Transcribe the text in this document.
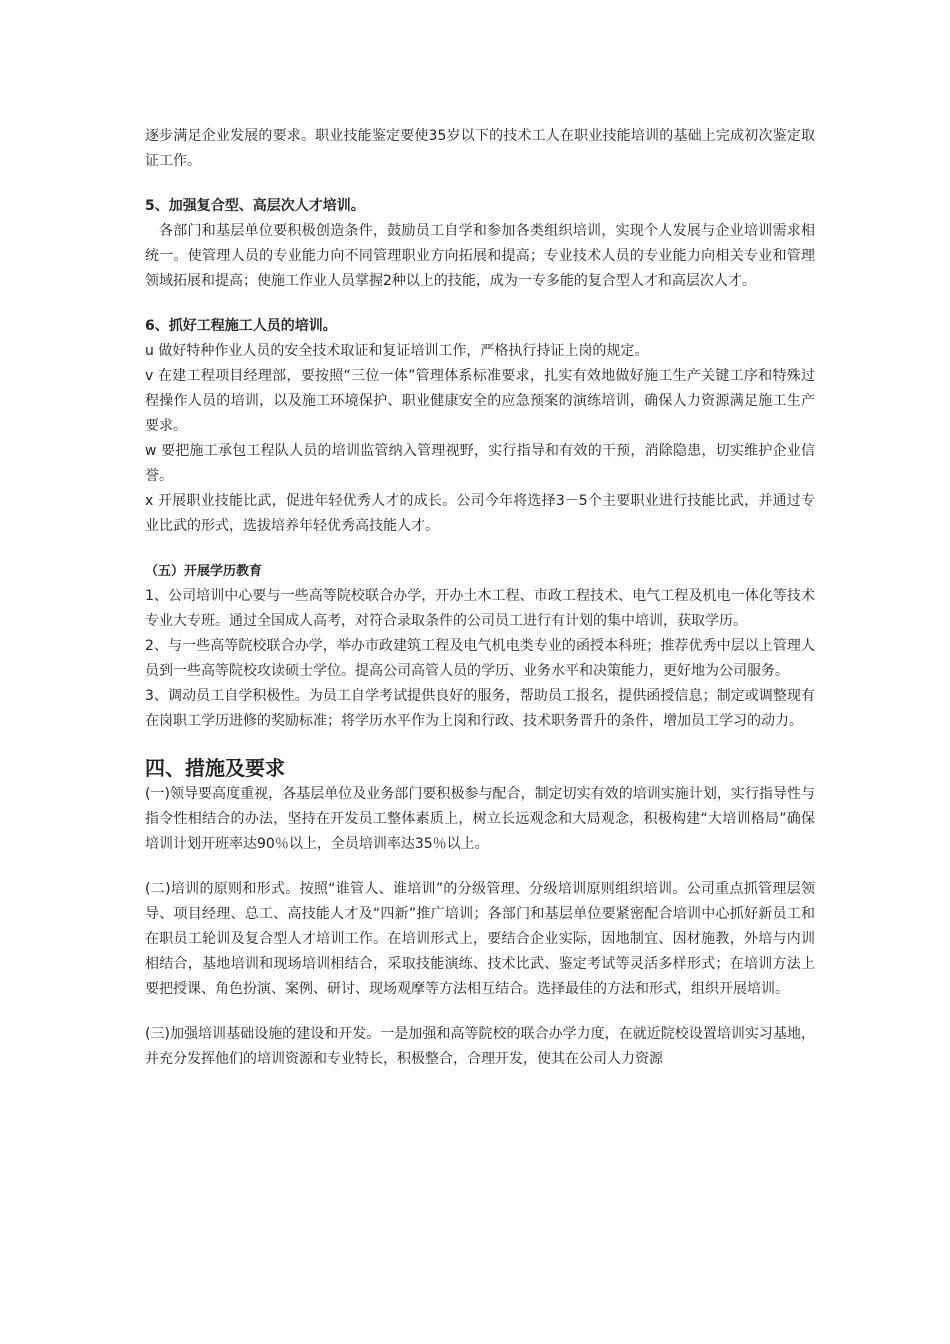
逐步满足企业发展的要求。职业技能鉴定要使35岁以下的技术工人在职业技能培训的基础上完成初次鉴定取证工作。

5、加强复合型、高层次人才培训。

各部门和基层单位要积极创造条件，鼓励员工自学和参加各类组织培训，实现个人发展与企业培训需求相统一。使管理人员的专业能力向不同管理职业方向拓展和提高；专业技术人员的专业能力向相关专业和管理领域拓展和提高；使施工作业人员掌握2种以上的技能，成为一专多能的复合型人才和高层次人才。

6、抓好工程施工人员的培训。

u 做好特种作业人员的安全技术取证和复证培训工作，严格执行持证上岗的规定。

v 在建工程项目经理部，要按照“三位一体”管理体系标准要求，扎实有效地做好施工生产关键工序和特殊过程操作人员的培训，以及施工环境保护、职业健康安全的应急预案的演练培训，确保人力资源满足施工生产要求。

w 要把施工承包工程队人员的培训监管纳入管理视野，实行指导和有效的干预，消除隐患，切实维护企业信誉。

x 开展职业技能比武，促进年轻优秀人才的成长。公司今年将选择3－5个主要职业进行技能比武，并通过专业比武的形式，选拔培养年轻优秀高技能人才。

（五）开展学历教育

1、公司培训中心要与一些高等院校联合办学，开办土木工程、市政工程技术、电气工程及机电一体化等技术专业大专班。通过全国成人高考，对符合录取条件的公司员工进行有计划的集中培训，获取学历。

2、与一些高等院校联合办学，举办市政建筑工程及电气机电类专业的函授本科班；推荐优秀中层以上管理人员到一些高等院校攻读硕士学位。提高公司高管人员的学历、业务水平和决策能力，更好地为公司服务。

3、调动员工自学积极性。为员工自学考试提供良好的服务，帮助员工报名，提供函授信息；制定或调整现有在岗职工学历进修的奖励标准；将学历水平作为上岗和行政、技术职务晋升的条件，增加员工学习的动力。

四、措施及要求

(一)领导要高度重视，各基层单位及业务部门要积极参与配合，制定切实有效的培训实施计划，实行指导性与指令性相结合的办法，坚持在开发员工整体素质上，树立长远观念和大局观念，积极构建“大培训格局”确保培训计划开班率达90％以上，全员培训率达35％以上。

(二)培训的原则和形式。按照“谁管人、谁培训”的分级管理、分级培训原则组织培训。公司重点抓管理层领导、项目经理、总工、高技能人才及“四新”推广培训；各部门和基层单位要紧密配合培训中心抓好新员工和在职员工轮训及复合型人才培训工作。在培训形式上，要结合企业实际，因地制宜、因材施教，外培与内训相结合，基地培训和现场培训相结合，采取技能演练、技术比武、鉴定考试等灵活多样形式；在培训方法上要把授课、角色扮演、案例、研讨、现场观摩等方法相互结合。选择最佳的方法和形式，组织开展培训。

(三)加强培训基础设施的建设和开发。一是加强和高等院校的联合办学力度，在就近院校设置培训实习基地，并充分发挥他们的培训资源和专业特长，积极整合，合理开发，使其在公司人力资源
